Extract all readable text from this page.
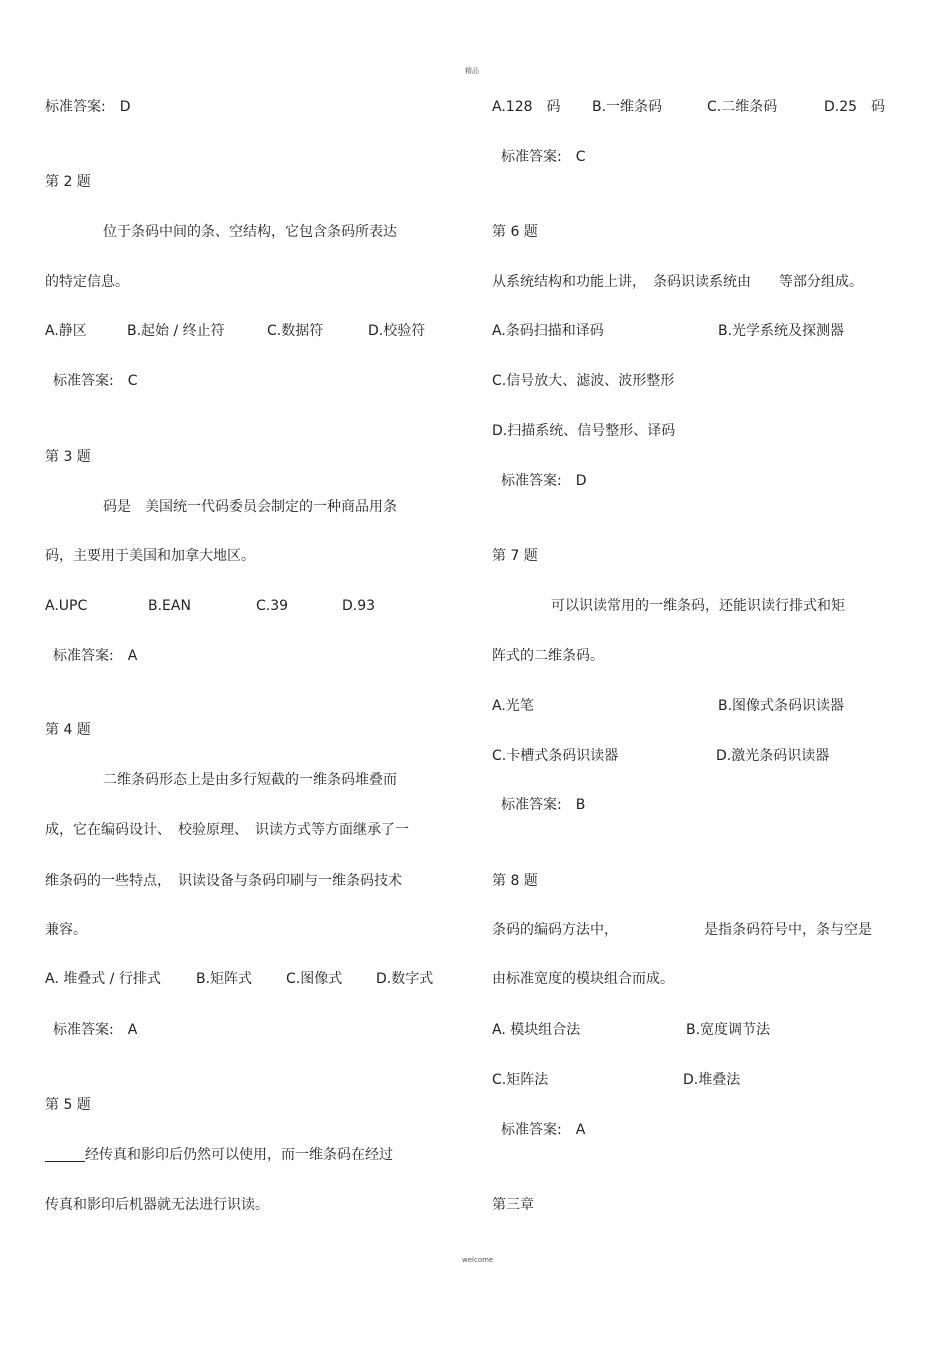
精品
welcome
标准答案:　D
第 2 题
位于条码中间的条、空结构，它包含条码所表达
的特定信息。
A.静区	B.起始 / 终止符	C.数据符	D.校验符
标准答案:　C
第 3 题
码是　美国统一代码委员会制定的一种商品用条
码，主要用于美国和加拿大地区。
A.UPC	B.EAN	C.39	D.93
标准答案:　A
第 4 题
二维条码形态上是由多行短截的一维条码堆叠而
成，它在编码设计、　校验原理、　识读方式等方面继承了一
维条码的一些特点，　识读设备与条码印刷与一维条码技术
兼容。
A. 堆叠式 / 行排式	B.矩阵式 C.图像式 D.数字式
标准答案:　A
第 5 题
经传真和影印后仍然可以使用，而一维条码在经过
传真和影印后机器就无法进行识读。
A.128　码 B.一维条码	C.二维条码	D.25　码
标准答案:　C
第 6 题
从系统结构和功能上讲，　条码识读系统由　　等部分组成。
A.条码扫描和译码	B.光学系统及探测器
C.信号放大、滤波、波形整形
D.扫描系统、信号整形、译码
标准答案:　D
第 7 题
可以识读常用的一维条码，还能识读行排式和矩
阵式的二维条码。
A.光笔	B.图像式条码识读器
C.卡槽式条码识读器	D.激光条码识读器
标准答案:　B
第 8 题
条码的编码方法中，	是指条码符号中，条与空是
由标准宽度的模块组合而成。
A. 模块组合法	B.宽度调节法
C.矩阵法	D.堆叠法
标准答案:　A
第三章
